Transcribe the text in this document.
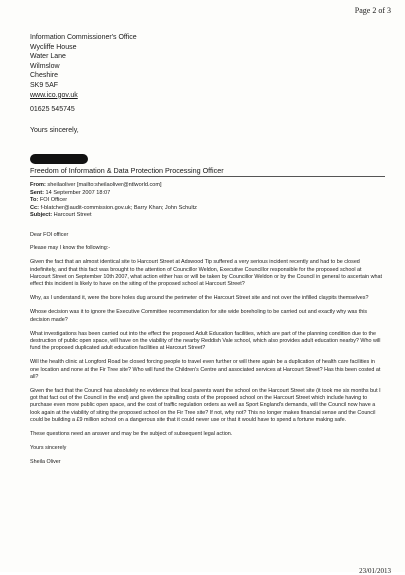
Page 2 of 3
Information Commissioner's Office
Wycliffe House
Water Lane
Wilmslow
Cheshire
SK9 5AF
www.ico.gov.uk
01625 545745
Yours sincerely,
Freedom of Information & Data Protection Processing Officer
From: sheilaoliver [mailto:sheilaoliver@ntlworld.com]
Sent: 14 September 2007 18:07
To: FOI Officer
Cc: f-blatcher@audit-commission.gov.uk; Barry Khan; John Schultz
Subject: Harcourt Street

Dear FOI officer

Please may I know the following:-

Given the fact that an almost identical site to Harcourt Street at Adswood Tip suffered a very serious incident recently and had to be closed indefinitely, and that this fact was brought to the attention of Councillor Weldon, Executive Councillor responsible for the proposed school at Harcourt Street on September 10th 2007, what action either has or will be taken by Councillor Weldon or by the Council in general to ascertain what effect this incident is likely to have on the siting of the proposed school at Harcourt Street?

Why, as I understand it, were the bore holes dug around the perimeter of the Harcourt Street site and not over the infilled claypits themselves?

Whose decision was it to ignore the Executive Committee recommendation for site wide boreholing to be carried out and exactly why was this decision made?

What investigations has been carried out into the effect the proposed Adult Education facilities, which are part of the planning condition due to the destruction of public open space, will have on the viability of the nearby Reddish Vale school, which also provides adult education nearby? Who will fund the proposed duplicated adult education facilities at Harcourt Street?

Will the health clinic at Longford Road be closed forcing people to travel even further or will there again be a duplication of health care facilities in one location and none at the Fir Tree site? Who will fund the Children's Centre and associated services at Harcourt Street? Has this been costed at all?

Given the fact that the Council has absolutely no evidence that local parents want the school on the Harcourt Street site (it took me six months but I got that fact out of the Council in the end) and given the spiralling costs of the proposed school on the Harcourt Street which include having to purchase even more public open space, and the cost of traffic regulation orders as well as Sport England's demands, will the Council now have a look again at the viability of siting the proposed school on the Fir Tree site? If not, why not? This no longer makes financial sense and the Council could be building a £9 million school on a dangerous site that it could never use or that it would have to spend a fortune making safe.

These questions need an answer and may be the subject of subsequent legal action.

Yours sincerely

Sheila Oliver

23/01/2013
